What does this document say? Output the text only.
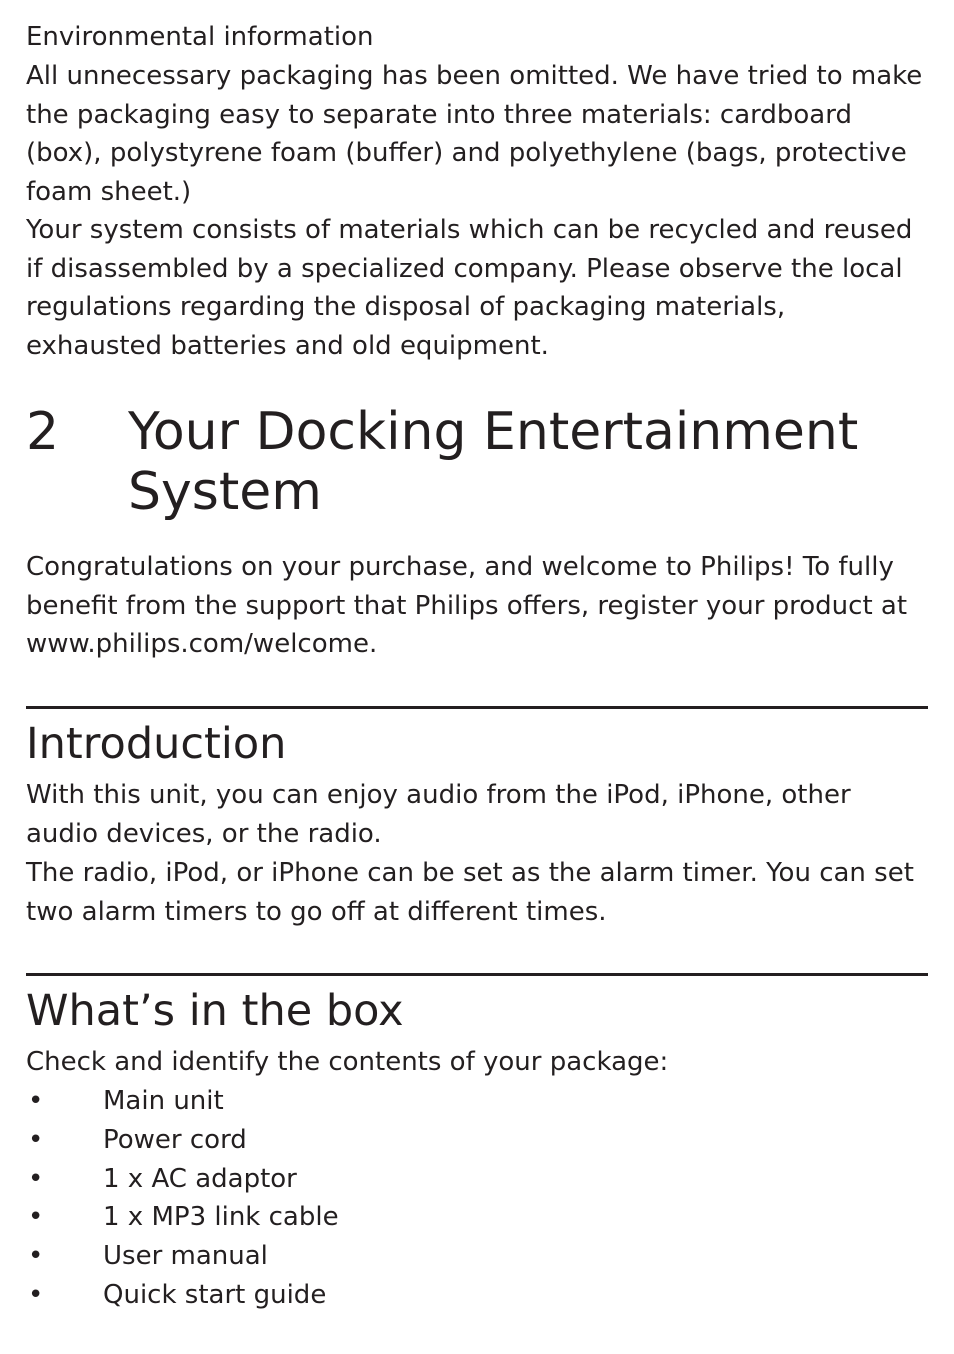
Environmental information

All unnecessary packaging has been omitted. We have tried to make the packaging easy to separate into three materials: cardboard (box), polystyrene foam (buffer) and polyethylene (bags, protective foam sheet.)

Your system consists of materials which can be recycled and reused if disassembled by a specialized company. Please observe the local regulations regarding the disposal of packaging materials, exhausted batteries and old equipment.

2 Your Docking Entertainment System

Congratulations on your purchase, and welcome to Philips! To fully benefit from the support that Philips offers, register your product at www.philips.com/welcome.

Introduction

With this unit, you can enjoy audio from the iPod, iPhone, other audio devices, or the radio.

The radio, iPod, or iPhone can be set as the alarm timer. You can set two alarm timers to go off at different times.

What’s in the box

Check and identify the contents of your package:

• Main unit
• Power cord
• 1 x AC adaptor
• 1 x MP3 link cable
• User manual
• Quick start guide
